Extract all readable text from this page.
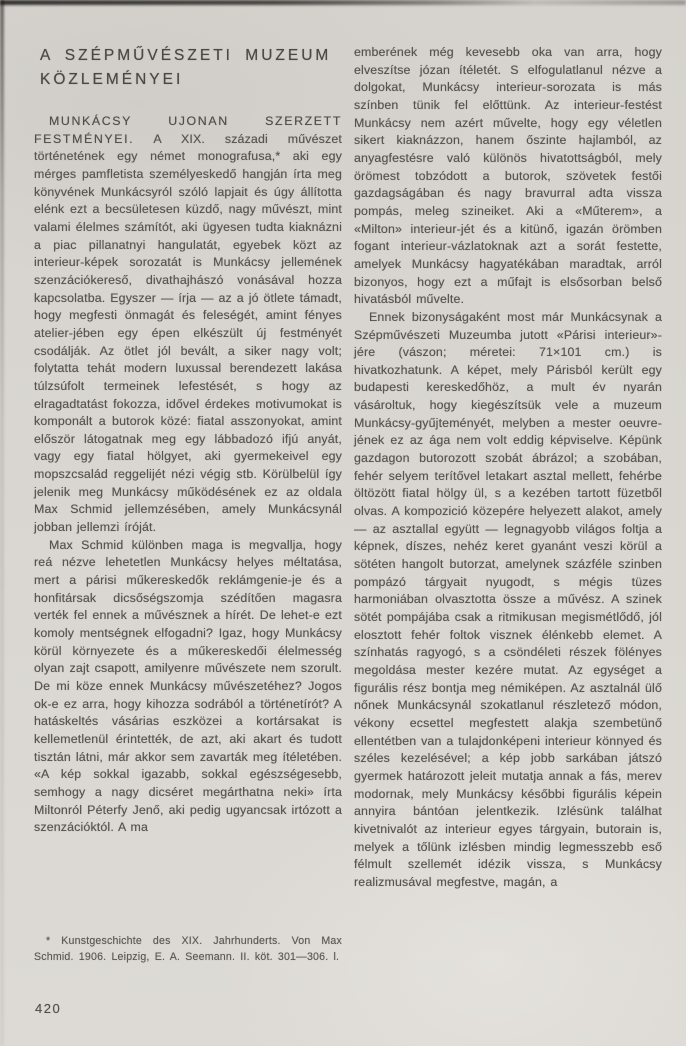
A SZÉPMŰVÉSZETI MUZEUM
KÖZLEMÉNYEI

MUNKÁCSY UJONAN SZERZETT FESTMÉNYEI. A XIX. századi művészet történetének egy német monografusa,* aki egy mérges pamfletista személyeskedő hangján írta meg könyvének Munkácsyról szóló lapjait és úgy állította elénk ezt a becsületesen küzdő, nagy művészt, mint valami élelmes számítót, aki ügyesen tudta kiaknázni a piac pillanatnyi hangulatát, egyebek közt az interieur-képek sorozatát is Munkácsy jellemének szenzációkereső, divathajhászó vonásával hozza kapcsolatba. Egyszer — írja — az a jó ötlete támadt, hogy megfesti önmagát és feleségét, amint fényes atelier-jében egy épen elkészült új festményét csodálják. Az ötlet jól bevált, a siker nagy volt; folytatta tehát modern luxussal berendezett lakása túlzsúfolt termeinek lefestését, s hogy az elragadtatást fokozza, idővel érdekes motivumokat is komponált a butorok közé: fiatal asszonyokat, amint először látogatnak meg egy lábbadozó ifjú anyát, vagy egy fiatal hölgyet, aki gyermekeivel egy mopszcsalád reggelijét nézi végig stb. Körülbelül így jelenik meg Munkácsy működésének ez az oldala Max Schmid jellemzésében, amely Munkácsynál jobban jellemzi íróját.

Max Schmid különben maga is megvallja, hogy reá nézve lehetetlen Munkácsy helyes méltatása, mert a párisi műkereskedők reklámgenie-je és a honfitársak dicsőségszomja szédítően magasra verték fel ennek a művésznek a hírét. De lehet-e ezt komoly mentségnek elfogadni? Igaz, hogy Munkácsy körül környezete és a műkereskedői élelmesség olyan zajt csapott, amilyenre művészete nem szorult. De mi köze ennek Munkácsy művészetéhez? Jogos ok-e ez arra, hogy kihozza sodrából a történetírót? A hatáskeltés vásárias eszközei a kortársakat is kellemetlenül érintették, de azt, aki akart és tudott tisztán látni, már akkor sem zavarták meg ítéletében. «A kép sokkal igazabb, sokkal egészségesebb, semhogy a nagy dicséret megárthatna neki» írta Miltonról Péterfy Jenő, aki pedig ugyancsak irtózott a szenzációktól. A ma

emberének még kevesebb oka van arra, hogy elveszítse józan ítéletét. S elfogulatlanul nézve a dolgokat, Munkácsy interieur-sorozata is más színben tünik fel előttünk. Az interieur-festést Munkácsy nem azért művelte, hogy egy véletlen sikert kiaknázzon, hanem őszinte hajlamból, az anyagfestésre való különös hivatottságból, mely örömest tobzódott a butorok, szövetek festői gazdagságában és nagy bravurral adta vissza pompás, meleg szineiket. Aki a «Műterem», a «Milton» interieur-jét és a kitünő, igazán örömben fogant interieur-vázlatoknak azt a sorát festette, amelyek Munkácsy hagyatékában maradtak, arról bizonyos, hogy ezt a műfajt is elsősorban belső hivatásból művelte.

Ennek bizonyságaként most már Munkácsynak a Szépművészeti Muzeumba jutott «Párisi interieur»-jére (vászon; méretei: 71×101 cm.) is hivatkozhatunk. A képet, mely Párisból került egy budapesti kereskedőhöz, a mult év nyarán vásároltuk, hogy kiegészítsük vele a muzeum Munkácsy-gyűjteményét, melyben a mester oeuvre-jének ez az ága nem volt eddig képviselve. Képünk gazdagon butorozott szobát ábrázol; a szobában, fehér selyem terítővel letakart asztal mellett, fehérbe öltözött fiatal hölgy ül, s a kezében tartott füzetből olvas. A kompozició közepére helyezett alakot, amely — az asztallal együtt — legnagyobb világos foltja a képnek, díszes, nehéz keret gyanánt veszi körül a sötéten hangolt butorzat, amelynek százféle szinben pompázó tárgyait nyugodt, s mégis tüzes harmoniában olvasztotta össze a művész. A szinek sötét pompájába csak a ritmikusan megismétlődő, jól elosztott fehér foltok visznek élénkebb elemet. A színhatás ragyogó, s a csöndéleti részek fölényes megoldása mester kezére mutat. Az egységet a figurális rész bontja meg némiképen. Az asztalnál ülő nőnek Munkácsynál szokatlanul részletező módon, vékony ecsettel megfestett alakja szembetünő ellentétben van a tulajdonképeni interieur könnyed és széles kezelésével; a kép jobb sarkában játszó gyermek határozott jeleit mutatja annak a fás, merev modornak, mely Munkácsy későbbi figurális képein annyira bántóan jelentkezik. Izlésünk találhat kivetnivalót az interieur egyes tárgyain, butorain is, melyek a tőlünk izlésben mindig legmesszebb eső félmult szellemét idézik vissza, s Munkácsy realizmusával megfestve, magán, a

* Kunstgeschichte des XIX. Jahrhunderts. Von Max Schmid. 1906. Leipzig, E. A. Seemann. II. köt. 301—306. l.

420
